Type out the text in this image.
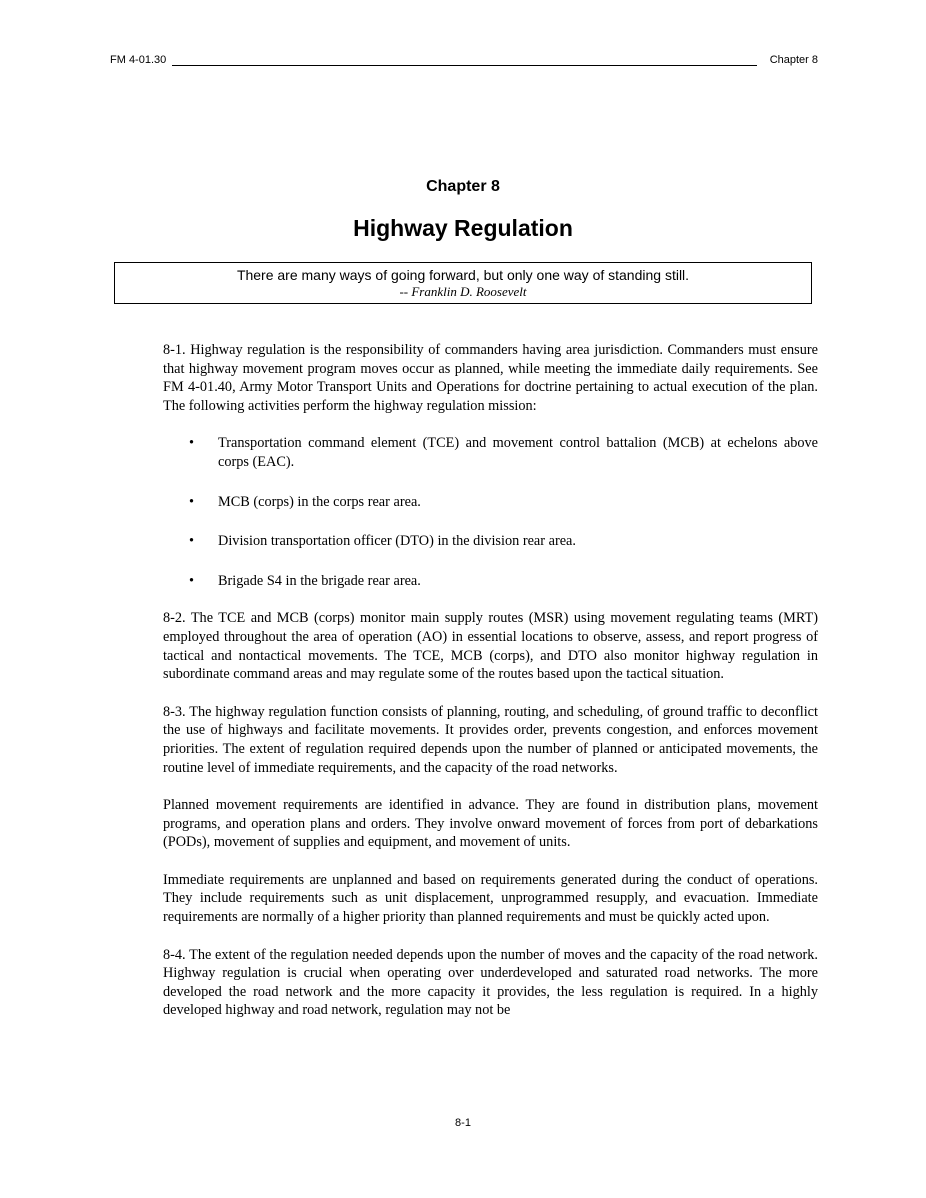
FM 4-01.30	Chapter 8
Chapter 8
Highway Regulation
There are many ways of going forward, but only one way of standing still.
-- Franklin D. Roosevelt

8-1. Highway regulation is the responsibility of commanders having area jurisdiction. Commanders must ensure that highway movement program moves occur as planned, while meeting the immediate daily requirements. See FM 4-01.40, Army Motor Transport Units and Operations for doctrine pertaining to actual execution of the plan. The following activities perform the highway regulation mission:

• Transportation command element (TCE) and movement control battalion (MCB) at echelons above corps (EAC).
• MCB (corps) in the corps rear area.
• Division transportation officer (DTO) in the division rear area.
• Brigade S4 in the brigade rear area.

8-2. The TCE and MCB (corps) monitor main supply routes (MSR) using movement regulating teams (MRT) employed throughout the area of operation (AO) in essential locations to observe, assess, and report progress of tactical and nontactical movements. The TCE, MCB (corps), and DTO also monitor highway regulation in subordinate command areas and may regulate some of the routes based upon the tactical situation.

8-3. The highway regulation function consists of planning, routing, and scheduling, of ground traffic to deconflict the use of highways and facilitate movements. It provides order, prevents congestion, and enforces movement priorities. The extent of regulation required depends upon the number of planned or anticipated movements, the routine level of immediate requirements, and the capacity of the road networks.

Planned movement requirements are identified in advance. They are found in distribution plans, movement programs, and operation plans and orders. They involve onward movement of forces from port of debarkations (PODs), movement of supplies and equipment, and movement of units.

Immediate requirements are unplanned and based on requirements generated during the conduct of operations. They include requirements such as unit displacement, unprogrammed resupply, and evacuation. Immediate requirements are normally of a higher priority than planned requirements and must be quickly acted upon.

8-4. The extent of the regulation needed depends upon the number of moves and the capacity of the road network. Highway regulation is crucial when operating over underdeveloped and saturated road networks. The more developed the road network and the more capacity it provides, the less regulation is required. In a highly developed highway and road network, regulation may not be

8-1
